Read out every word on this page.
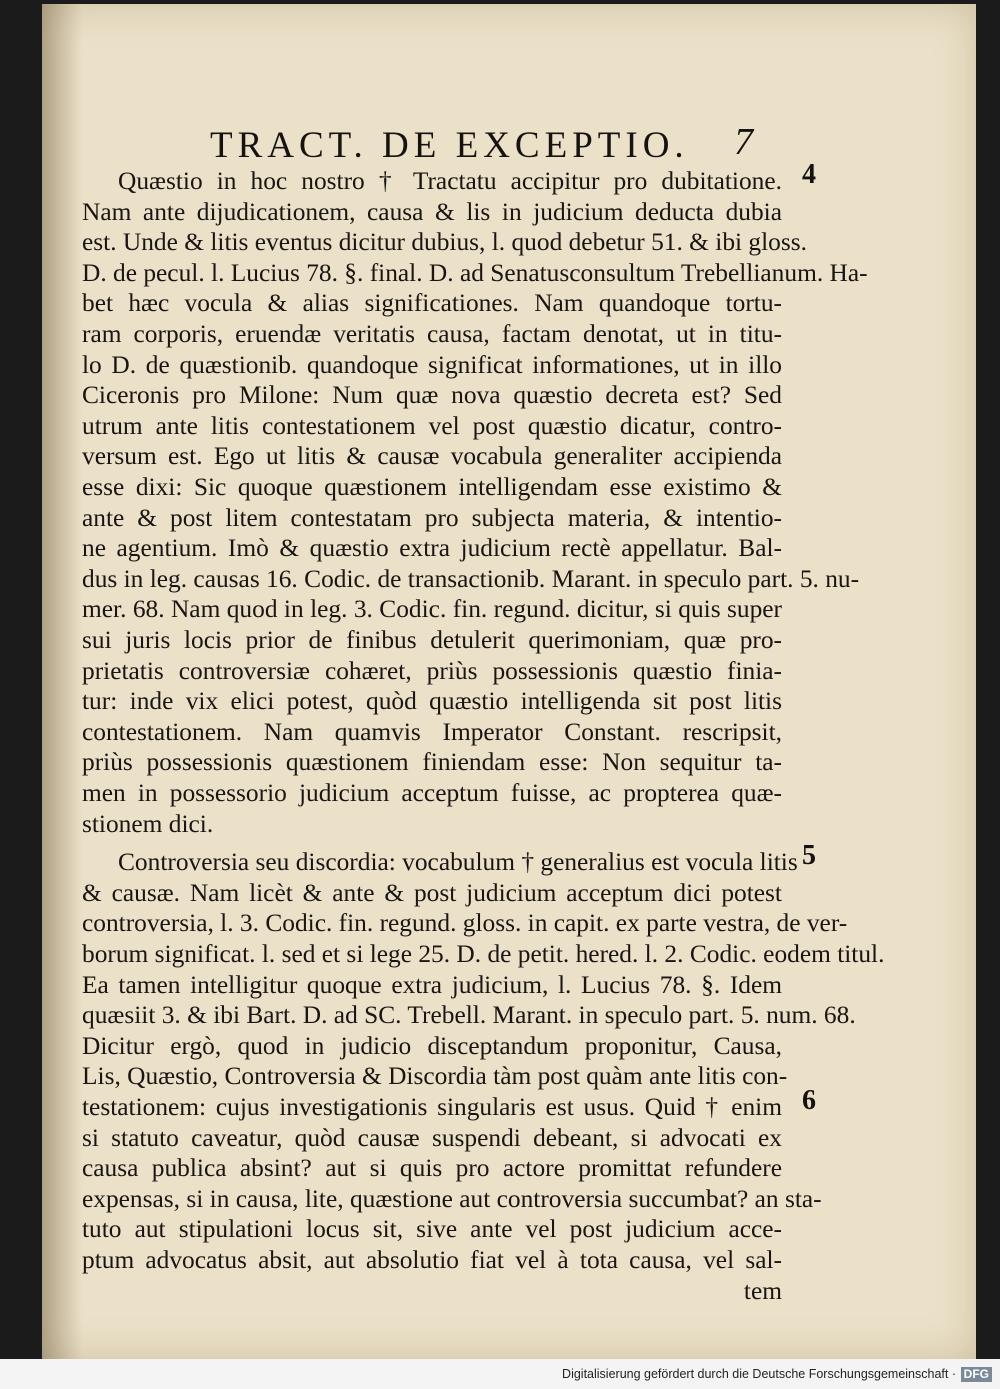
TRACT. DE EXCEPTIO.	7
Quæstio in hoc nostro † Tractatu accipitur pro dubitatione.
Nam ante dijudicationem, causa & lis in judicium deducta dubia
est. Unde & litis eventus dicitur dubius, l. quod debetur 51. & ibi gloss.
D. de pecul. l. Lucius 78. §. final. D. ad Senatusconsultum Trebellianum. Ha-
bet hæc vocula & alias significationes. Nam quandoque tortu-
ram corporis, eruendæ veritatis causa, factam denotat, ut in titu-
lo D. de quæstionib. quandoque significat informationes, ut in illo
Ciceronis pro Milone: Num quæ nova quæstio decreta est? Sed
utrum ante litis contestationem vel post quæstio dicatur, contro-
versum est. Ego ut litis & causæ vocabula generaliter accipienda
esse dixi: Sic quoque quæstionem intelligendam esse existimo &
ante & post litem contestatam pro subjecta materia, & intentio-
ne agentium. Imò & quæstio extra judicium rectè appellatur. Bal-
dus in leg. causas 16. Codic. de transactionib. Marant. in speculo part. 5. nu-
mer. 68. Nam quod in leg. 3. Codic. fin. regund. dicitur, si quis super
sui juris locis prior de finibus detulerit querimoniam, quæ pro-
prietatis controversiæ cohæret, priùs possessionis quæstio finia-
tur: inde vix elici potest, quòd quæstio intelligenda sit post litis
contestationem. Nam quamvis Imperator Constant. rescripsit,
priùs possessionis quæstionem finiendam esse: Non sequitur ta-
men in possessorio judicium acceptum fuisse, ac propterea quæ-
stionem dici.
Controversia seu discordia: vocabulum † generalius est vocula litis
& causæ. Nam licèt & ante & post judicium acceptum dici potest
controversia, l. 3. Codic. fin. regund. gloss. in capit. ex parte vestra, de ver-
borum significat. l. sed et si lege 25. D. de petit. hered. l. 2. Codic. eodem titul.
Ea tamen intelligitur quoque extra judicium, l. Lucius 78. §. Idem
quæsiit 3. & ibi Bart. D. ad SC. Trebell. Marant. in speculo part. 5. num. 68.
Dicitur ergò, quod in judicio disceptandum proponitur, Causa,
Lis, Quæstio, Controversia & Discordia tàm post quàm ante litis con-
testationem: cujus investigationis singularis est usus. Quid † enim
si statuto caveatur, quòd causæ suspendi debeant, si advocati ex
causa publica absint? aut si quis pro actore promittat refundere
expensas, si in causa, lite, quæstione aut controversia succumbat? an sta-
tuto aut stipulationi locus sit, sive ante vel post judicium acce-
ptum advocatus absit, aut absolutio fiat vel à tota causa, vel sal-
tem
4
5
6
Digitalisierung gefördert durch die Deutsche Forschungsgemeinschaft · DFG
